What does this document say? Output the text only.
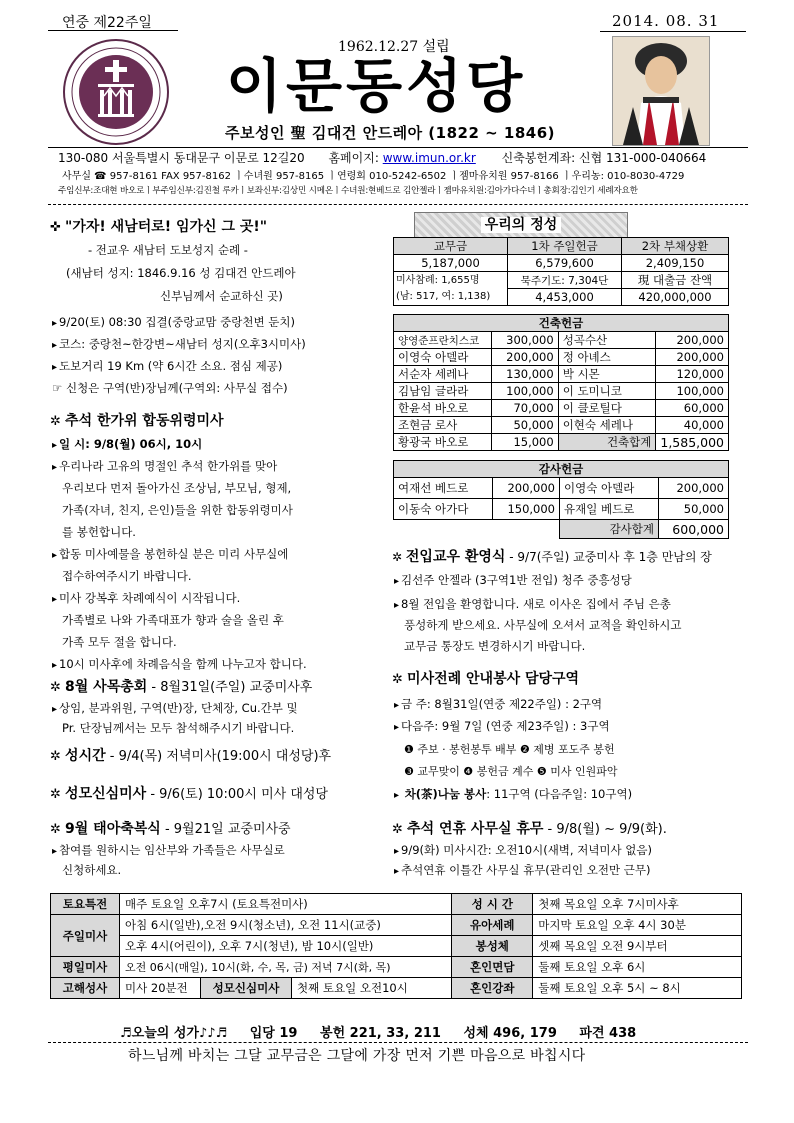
연중 제22주일	2014. 08. 31
1962.12.27 설립
이문동성당
주보성인 聖 김대건 안드레아 (1822 ~ 1846)
130-080 서울특별시 동대문구 이문로 12길20 홈페이지: www.imun.or.kr 신축봉헌계좌: 신협 131-000-040664
사무실 ☎ 957-8161 FAX 957-8162 ㅣ수녀원 957-8165 ㅣ연령회 010-5242-6502 ㅣ젬마유치원 957-8166 ㅣ우리농: 010-8030-4729
주임신부:조대현 바오로ㅣ부주임신부:김진철 루카ㅣ보좌신부:김상민 시메온ㅣ수녀원:현베드로 김안젤라ㅣ젬마유치원:김아가다수녀ㅣ총회장:김인기 세례자요한
✜ "가자! 새남터로! 임가신 그 곳!"
- 전교우 새남터 도보성지 순례 -
(새남터 성지: 1846.9.16 성 김대건 안드레아
신부님께서 순교하신 곳)
▸ 9/20(토) 08:30 집결(중랑교맘 중랑천변 둔치)
▸ 코스: 중랑천~한강변~새남터 성지(오후3시미사)
▸ 도보거리 19 Km (약 6시간 소요. 점심 제공)
☞ 신청은 구역(반)장님께(구역외: 사무실 접수)
✲ 추석 한가위 합동위령미사
▸ 일 시: 9/8(월) 06시, 10시
▸ 우리나라 고유의 명절인 추석 한가위를 맞아
우리보다 먼저 돌아가신 조상님, 부모님, 형제,
가족(자녀, 친지, 은인)들을 위한 합동위령미사
를 봉헌합니다.
▸ 합동 미사예물을 봉헌하실 분은 미리 사무실에
접수하여주시기 바랍니다.
▸ 미사 강복후 차례예식이 시작됩니다.
가족별로 나와 가족대표가 향과 술을 올린 후
가족 모두 절을 합니다.
▸ 10시 미사후에 차례음식을 함께 나누고자 합니다.
✲ 8월 사목총회 - 8월31일(주일) 교중미사후
▸ 상임, 분과위원, 구역(반)장, 단체장, Cu.간부 및
Pr. 단장님께서는 모두 참석해주시기 바랍니다.
✲ 성시간 - 9/4(목) 저녁미사(19:00시 대성당)후
✲ 성모신심미사 - 9/6(토) 10:00시 미사 대성당
✲ 9월 태아축복식 - 9월21일 교중미사중
▸ 참여를 원하시는 임산부와 가족들은 사무실로
신청하세요.
우리의 정성
교무금	1차 주일헌금	2차 부채상환
5,187,000	6,579,600	2,409,150

미사참례: 1,655명
(남: 517, 여: 1,138)	묵주기도: 7,304단	現 대출금 잔액
	4,453,000	420,000,000
건축헌금			
양영준프란치스코	300,000	성곡수산	200,000
이영숙 아델라	200,000	정 아녜스	200,000
서순자 세레나	130,000	박 시몬	120,000
김남임 글라라	100,000	이 도미니코	100,000
한윤석 바오로	70,000	이 클로틸다	60,000
조현금 로사	50,000	이현숙 세레나	40,000
황광국 바오로	15,000	건축합계	1,585,000
감사헌금			
여재선 베드로	200,000	이영숙 아델라	200,000
이동숙 아가다	150,000	유재일 베드로	50,000
		감사합계	600,000
✲ 전입교우 환영식 - 9/7(주일) 교중미사 후 1층 만남의 장
▸ 김선주 안젤라 (3구역1반 전입) 청주 중흥성당
▸ 8월 전입을 환영합니다. 새로 이사온 집에서 주님 은총
풍성하게 받으세요. 사무실에 오셔서 교적을 확인하시고
교무금 통장도 변경하시기 바랍니다.
✲ 미사전례 안내봉사 담당구역
▸ 금 주: 8월31일(연중 제22주일) : 2구역
▸ 다음주: 9월 7일 (연중 제23주일) : 3구역
❶ 주보 · 봉헌봉투 배부 ❷ 제병 포도주 봉헌
❸ 교무맞이 ❹ 봉헌금 계수 ❺ 미사 인원파악
▸ 차(茶)나눔 봉사: 11구역 (다음주일: 10구역)
✲ 추석 연휴 사무실 휴무 - 9/8(월) ~ 9/9(화).
▸ 9/9(화) 미사시간: 오전10시(새벽, 저녁미사 없음)
▸ 추석연휴 이틀간 사무실 휴무(관리인 오전만 근무)
토요특전	매주 토요일 오후7시 (토요특전미사)			성 시 간	첫째 목요일 오후 7시미사후
주일미사	아침 6시(일반),오전 9시(청소년), 오전 11시(교중)			유아세례	마지막 토요일 오후 4시 30분
	오후 4시(어린이), 오후 7시(청년), 밤 10시(일반)			봉성체	셋째 목요일 오전 9시부터
평일미사	오전 06시(매일), 10시(화, 수, 목, 금) 저녁 7시(화, 목)			혼인면담	둘째 토요일 오후 6시
고해성사	미사 20분전	성모신심미사	첫째 토요일 오전10시	혼인강좌	둘째 토요일 오후 5시 ~ 8시
♬오늘의 성가♪♪♬ 입당 19 봉헌 221, 33, 211 성체 496, 179 파견 438
하느님께 바치는 그달 교무금은 그달에 가장 먼저 기쁜 마음으로 바칩시다
